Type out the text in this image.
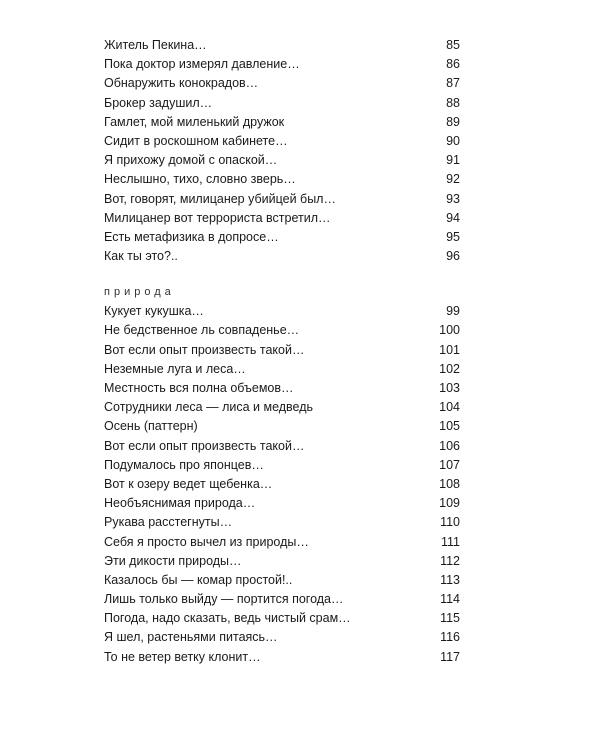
Житель Пекина…	85
Пока доктор измерял давление…	86
Обнаружить конокрадов…	87
Брокер задушил…	88
Гамлет, мой миленький дружок	89
Сидит в роскошном кабинете…	90
Я прихожу домой с опаской…	91
Неслышно, тихо, словно зверь…	92
Вот, говорят, милицанер убийцей был…	93
Милицанер вот террориста встретил…	94
Есть метафизика в допросе…	95
Как ты это?..	96
природа
Кукует кукушка…	99
Не бедственное ль совпаденье…	100
Вот если опыт произвесть такой…	101
Неземные луга и леса…	102
Местность вся полна объемов…	103
Сотрудники леса — лиса и медведь	104
Осень (паттерн)	105
Вот если опыт произвесть такой…	106
Подумалось про японцев…	107
Вот к озеру ведет щебенка…	108
Необъяснимая природа…	109
Рукава расстегнуты…	110
Себя я просто вычел из природы…	111
Эти дикости природы…	112
Казалось бы — комар простой!..	113
Лишь только выйду — портится погода…	114
Погода, надо сказать, ведь чистый срам…	115
Я шел, растеньями питаясь…	116
То не ветер ветку клонит…	117
